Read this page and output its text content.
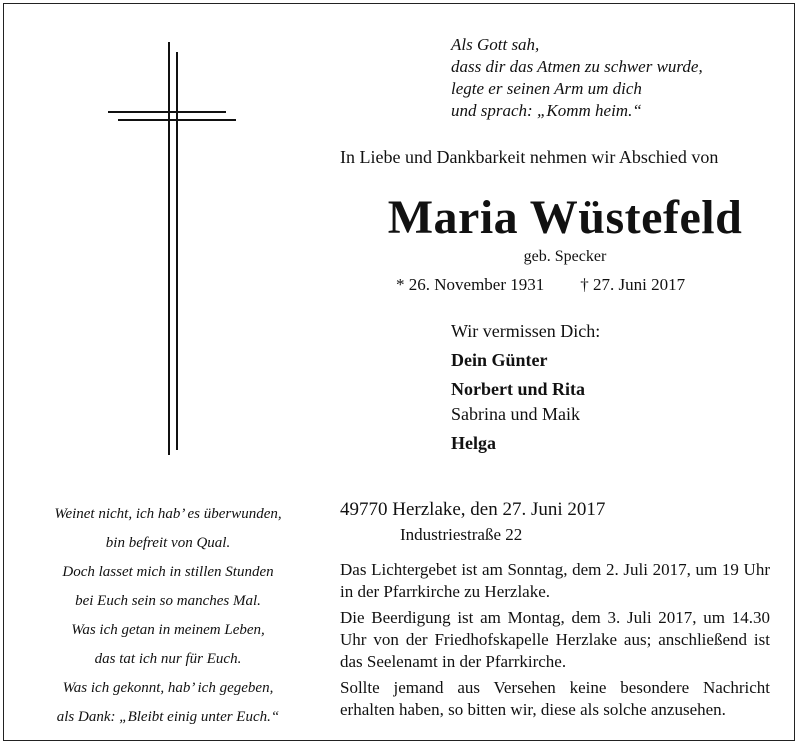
Als Gott sah,
dass dir das Atmen zu schwer wurde,
legte er seinen Arm um dich
und sprach: „Komm heim.“
In Liebe und Dankbarkeit nehmen wir Abschied von
Maria Wüstefeld
geb. Specker
* 26. November 1931 † 27. Juni 2017
Wir vermissen Dich:
Dein Günter
Norbert und Rita
Sabrina und Maik
Helga
Weinet nicht, ich hab’ es überwunden,
bin befreit von Qual.
Doch lasset mich in stillen Stunden
bei Euch sein so manches Mal.
Was ich getan in meinem Leben,
das tat ich nur für Euch.
Was ich gekonnt, hab’ ich gegeben,
als Dank: „Bleibt einig unter Euch.“
49770 Herzlake, den 27. Juni 2017
Industriestraße 22

Das Lichtergebet ist am Sonntag, dem 2. Juli 2017, um 19 Uhr in der Pfarrkirche zu Herzlake.

Die Beerdigung ist am Montag, dem 3. Juli 2017, um 14.30 Uhr von der Friedhofskapelle Herzlake aus; anschließend ist das Seelenamt in der Pfarrkirche.

Sollte jemand aus Versehen keine besondere Nachricht erhalten haben, so bitten wir, diese als solche anzusehen.
